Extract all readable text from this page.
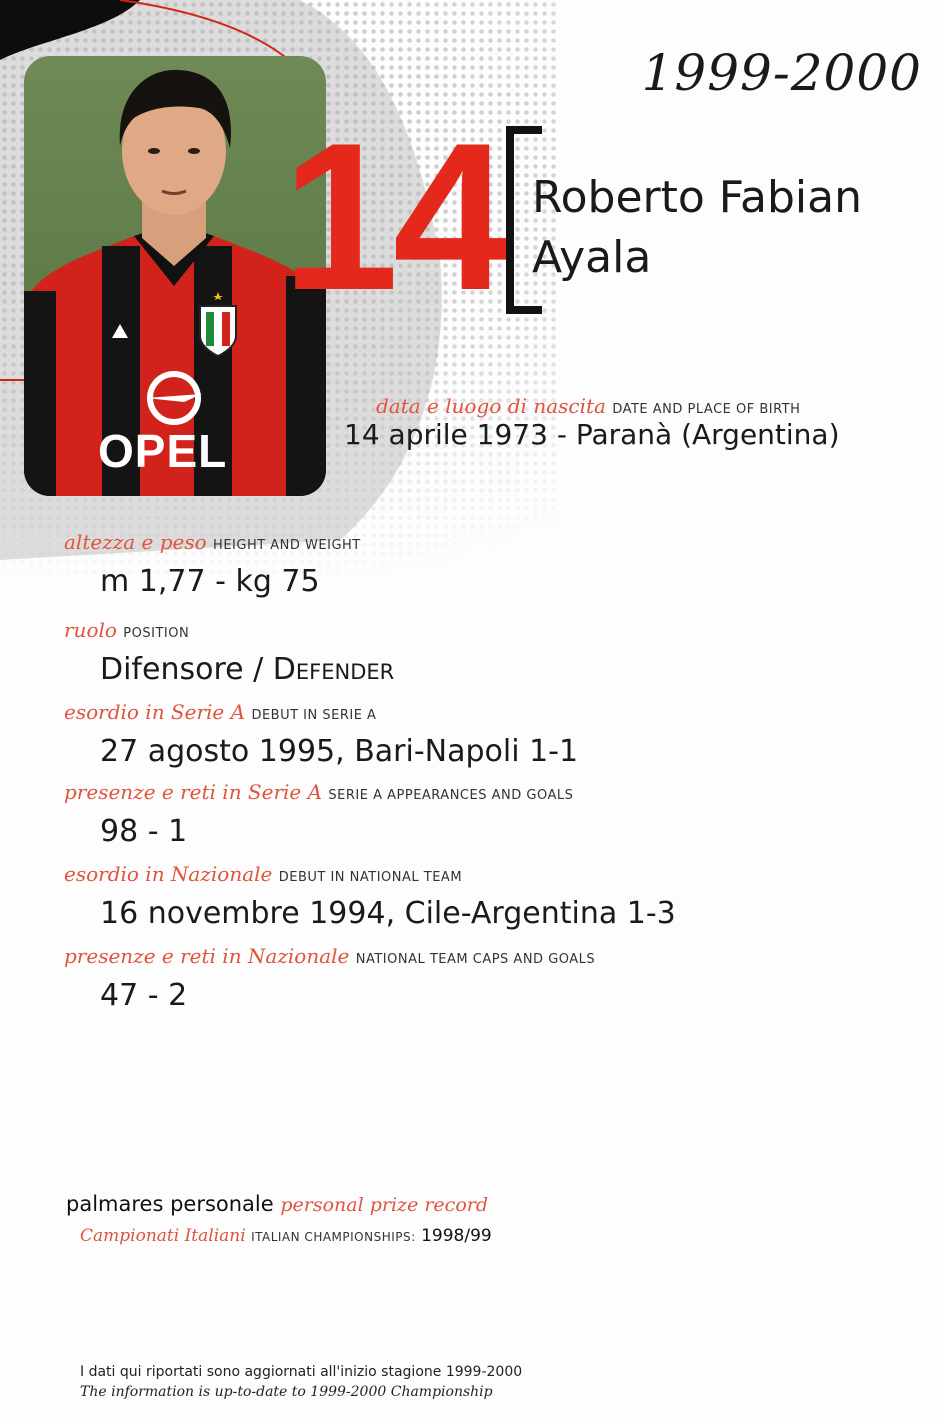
OPEL
1999-2000
14 Roberto Fabian
Ayala
data e luogo di nascita DATE AND PLACE OF BIRTH
14 aprile 1973 - Paranà (Argentina)
altezza e peso HEIGHT AND WEIGHT
m 1,77 - kg 75
ruolo POSITION
Difensore / Defender
esordio in Serie A DEBUT IN SERIE A
27 agosto 1995, Bari-Napoli 1-1
presenze e reti in Serie A SERIE A APPEARANCES AND GOALS
98 - 1
esordio in Nazionale DEBUT IN NATIONAL TEAM
16 novembre 1994, Cile-Argentina 1-3
presenze e reti in Nazionale NATIONAL TEAM CAPS AND GOALS
47 - 2
palmares personale personal prize record
Campionati Italiani ITALIAN CHAMPIONSHIPS: 1998/99
I dati qui riportati sono aggiornati all'inizio stagione 1999-2000
The information is up-to-date to 1999-2000 Championship
